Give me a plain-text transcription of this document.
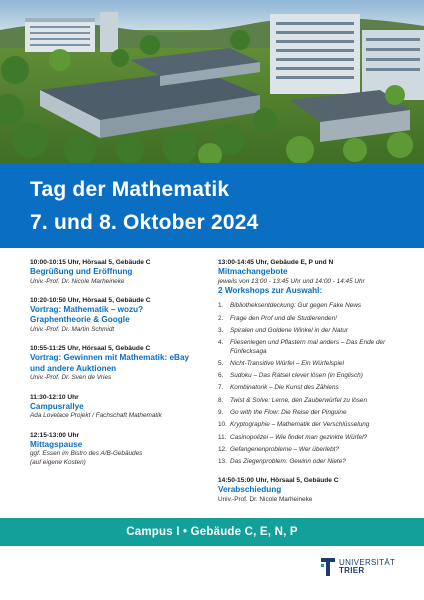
Tag der Mathematik
7. und 8. Oktober 2024
10:00-10:15 Uhr, Hörsaal 5, Gebäude C
Begrüßung und Eröffnung
Univ.-Prof. Dr. Nicole Marheineke
10:20-10:50 Uhr, Hörsaal 5, Gebäude C
Vortrag: Mathematik – wozu? Graphentheorie & Google
Univ.-Prof. Dr. Martin Schmidt
10:55-11:25 Uhr, Hörsaal 5, Gebäude C
Vortrag: Gewinnen mit Mathematik: eBay und andere Auktionen
Univ.-Prof. Dr. Sven de Vries
11:30-12:10 Uhr
Campusrallye
Ada Lovelace Projekt / Fachschaft Mathematik
12:15-13:00 Uhr
Mittagspause
ggf. Essen im Bistro des A/B-Gebäudes
(auf eigene Kosten)
13:00-14:45 Uhr, Gebäude E, P und N
Mitmachangebote
jeweils von 13:00 - 13:45 Uhr und 14:00 - 14:45 Uhr
2 Workshops zur Auswahl:
1.	Bibliotheksentdeckung: Gut gegen Fake News
2.	Frage den Prof und die Studierenden!
3.	Spiralen und Goldene Winkel in der Natur
4.	Fliesenlegen und Pflastern mal anders – Das Ende der Fünfecksaga
5.	Nicht-Transitive Würfel – Ein Würfelspiel
6.	Sudoku – Das Rätsel clever lösen (in Englisch)
7.	Kombinatorik – Die Kunst des Zählens
8.	Twist & Solve: Lerne, den Zauberwürfel zu lösen
9.	Go with the Flow: Die Reise der Pinguine
10. Kryptographie – Mathematik der Verschlüsselung
11. Casinopolizei – Wie findet man gezinkte Würfel?
12. Gefangenenprobleme – Wer überlebt?
13. Das Ziegenproblem: Gewinn oder Niete?
14:50-15:00 Uhr, Hörsaal 5, Gebäude C
Verabschiedung
Univ.-Prof. Dr. Nicole Marheineke
Campus I • Gebäude C, E, N, P
UNIVERSITÄT
TRIER
